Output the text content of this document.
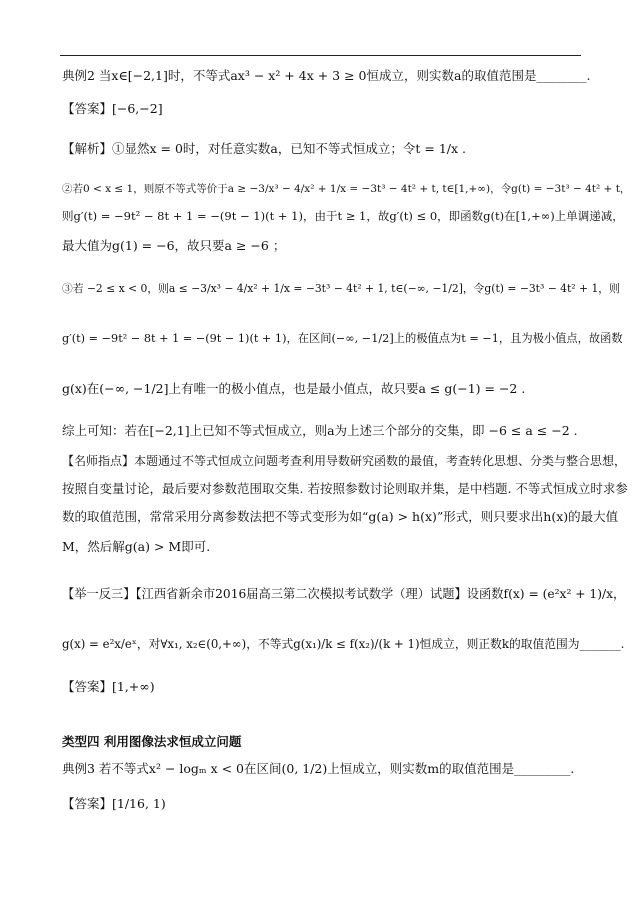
典例2 当x∈[−2,1]时，不等式ax³ − x² + 4x + 3 ≥ 0恒成立，则实数a的取值范围是________.
【答案】[−6,−2]
【解析】①显然x = 0时，对任意实数a，已知不等式恒成立；令t = 1/x .
②若0 < x ≤ 1，则原不等式等价于a ≥ −3/x³ − 4/x² + 1/x = −3t³ − 4t² + t, t∈[1,+∞)，令g(t) = −3t³ − 4t² + t，
则g′(t) = −9t² − 8t + 1 = −(9t − 1)(t + 1)，由于t ≥ 1，故g′(t) ≤ 0，即函数g(t)在[1,+∞)上单调递减，
最大值为g(1) = −6，故只要a ≥ −6 ；
③若 −2 ≤ x < 0，则a ≤ −3/x³ − 4/x² + 1/x = −3t³ − 4t² + 1, t∈(−∞, −1/2]，令g(t) = −3t³ − 4t² + 1，则
g′(t) = −9t² − 8t + 1 = −(9t − 1)(t + 1)，在区间(−∞, −1/2]上的极值点为t = −1，且为极小值点，故函数
g(x)在(−∞, −1/2]上有唯一的极小值点，也是最小值点，故只要a ≤ g(−1) = −2 .
综上可知：若在[−2,1]上已知不等式恒成立，则a为上述三个部分的交集，即 −6 ≤ a ≤ −2 .
【名师指点】本题通过不等式恒成立问题考查利用导数研究函数的最值，考查转化思想、分类与整合思想，
按照自变量讨论，最后要对参数范围取交集. 若按照参数讨论则取并集，是中档题. 不等式恒成立时求参
数的取值范围，常常采用分离参数法把不等式变形为如“g(a) > h(x)”形式，则只要求出h(x)的最大值
M，然后解g(a) > M即可.
【举一反三】【江西省新余市2016届高三第二次模拟考试数学（理）试题】设函数f(x) = (e²x² + 1)/x，
g(x) = e²x/eˣ，对∀x₁, x₂∈(0,+∞)，不等式g(x₁)/k ≤ f(x₂)/(k + 1)恒成立，则正数k的取值范围为_______.
【答案】[1,+∞)
类型四 利用图像法求恒成立问题
典例3 若不等式x² − logₘ x < 0在区间(0, 1/2)上恒成立，则实数m的取值范围是_________.
【答案】[1/16, 1)
